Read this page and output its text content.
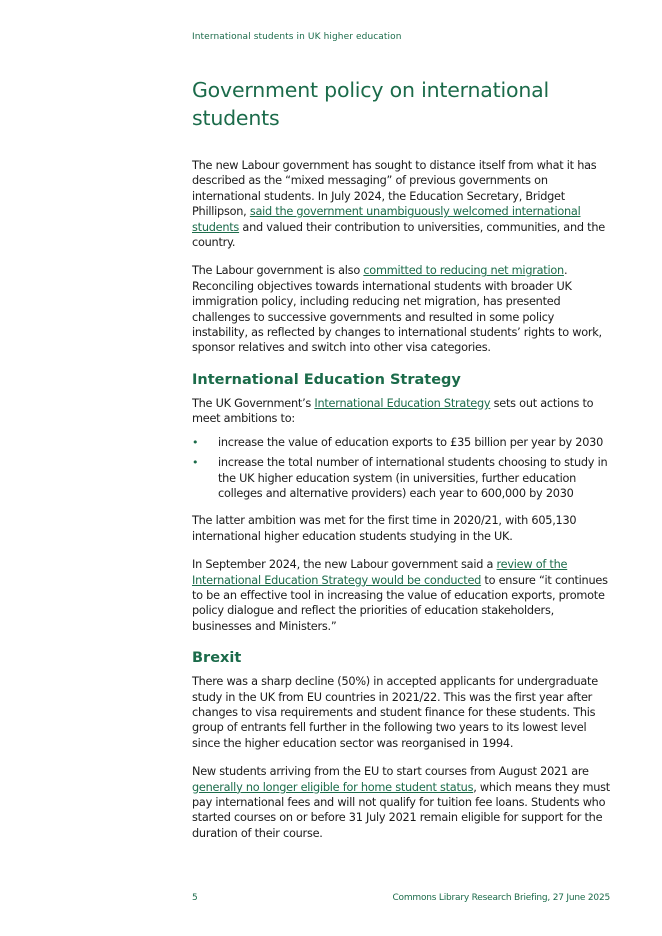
International students in UK higher education
Government policy on international students

The new Labour government has sought to distance itself from what it has described as the “mixed messaging” of previous governments on international students. In July 2024, the Education Secretary, Bridget Phillipson, said the government unambiguously welcomed international students and valued their contribution to universities, communities, and the country.

The Labour government is also committed to reducing net migration. Reconciling objectives towards international students with broader UK immigration policy, including reducing net migration, has presented challenges to successive governments and resulted in some policy instability, as reflected by changes to international students’ rights to work, sponsor relatives and switch into other visa categories.

International Education Strategy

The UK Government’s International Education Strategy sets out actions to meet ambitions to:

• increase the value of education exports to £35 billion per year by 2030
• increase the total number of international students choosing to study in the UK higher education system (in universities, further education colleges and alternative providers) each year to 600,000 by 2030

The latter ambition was met for the first time in 2020/21, with 605,130 international higher education students studying in the UK.

In September 2024, the new Labour government said a review of the International Education Strategy would be conducted to ensure “it continues to be an effective tool in increasing the value of education exports, promote policy dialogue and reflect the priorities of education stakeholders, businesses and Ministers.”

Brexit

There was a sharp decline (50%) in accepted applicants for undergraduate study in the UK from EU countries in 2021/22. This was the first year after changes to visa requirements and student finance for these students. This group of entrants fell further in the following two years to its lowest level since the higher education sector was reorganised in 1994.

New students arriving from the EU to start courses from August 2021 are generally no longer eligible for home student status, which means they must pay international fees and will not qualify for tuition fee loans. Students who started courses on or before 31 July 2021 remain eligible for support for the duration of their course.

5	Commons Library Research Briefing, 27 June 2025
